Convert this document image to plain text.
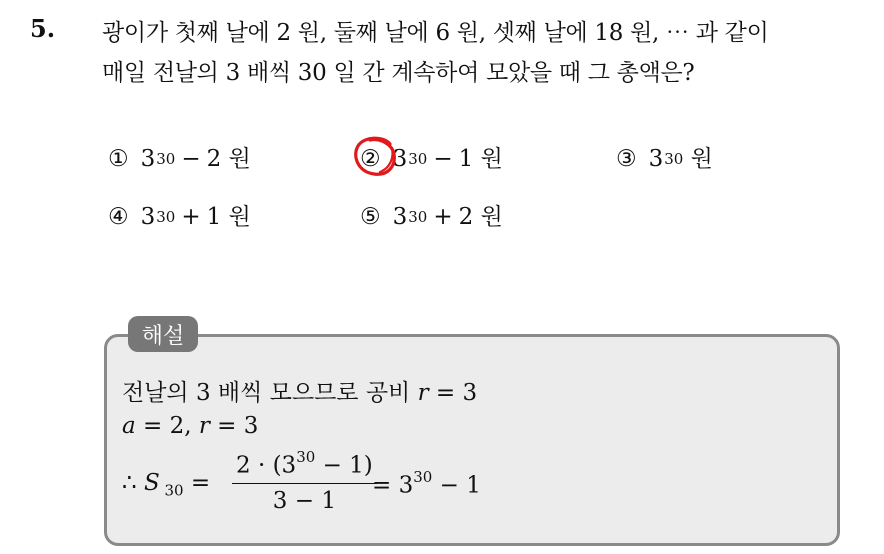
5. 광이가 첫째 날에 2 원, 둘째 날에 6 원, 셋째 날에 18 원, ⋯ 과 같이
매일 전날의 3 배씩 30 일 간 계속하여 모았을 때 그 총액은?
① $3^{30} - 2$
원	② $3^{30} - 1$
원	③ $3^{30}$
원
④ $3^{30} + 1$
원	⑤ $3^{30} + 2$
원
해설
전날의 3 배씩 모으므로 공비 r = 3
a = 2, r = 3
∴ S $_{30} = \frac{2 \cdot (3^{30} - 1)}{3 - 1}$
= $3^{30} - 1$
